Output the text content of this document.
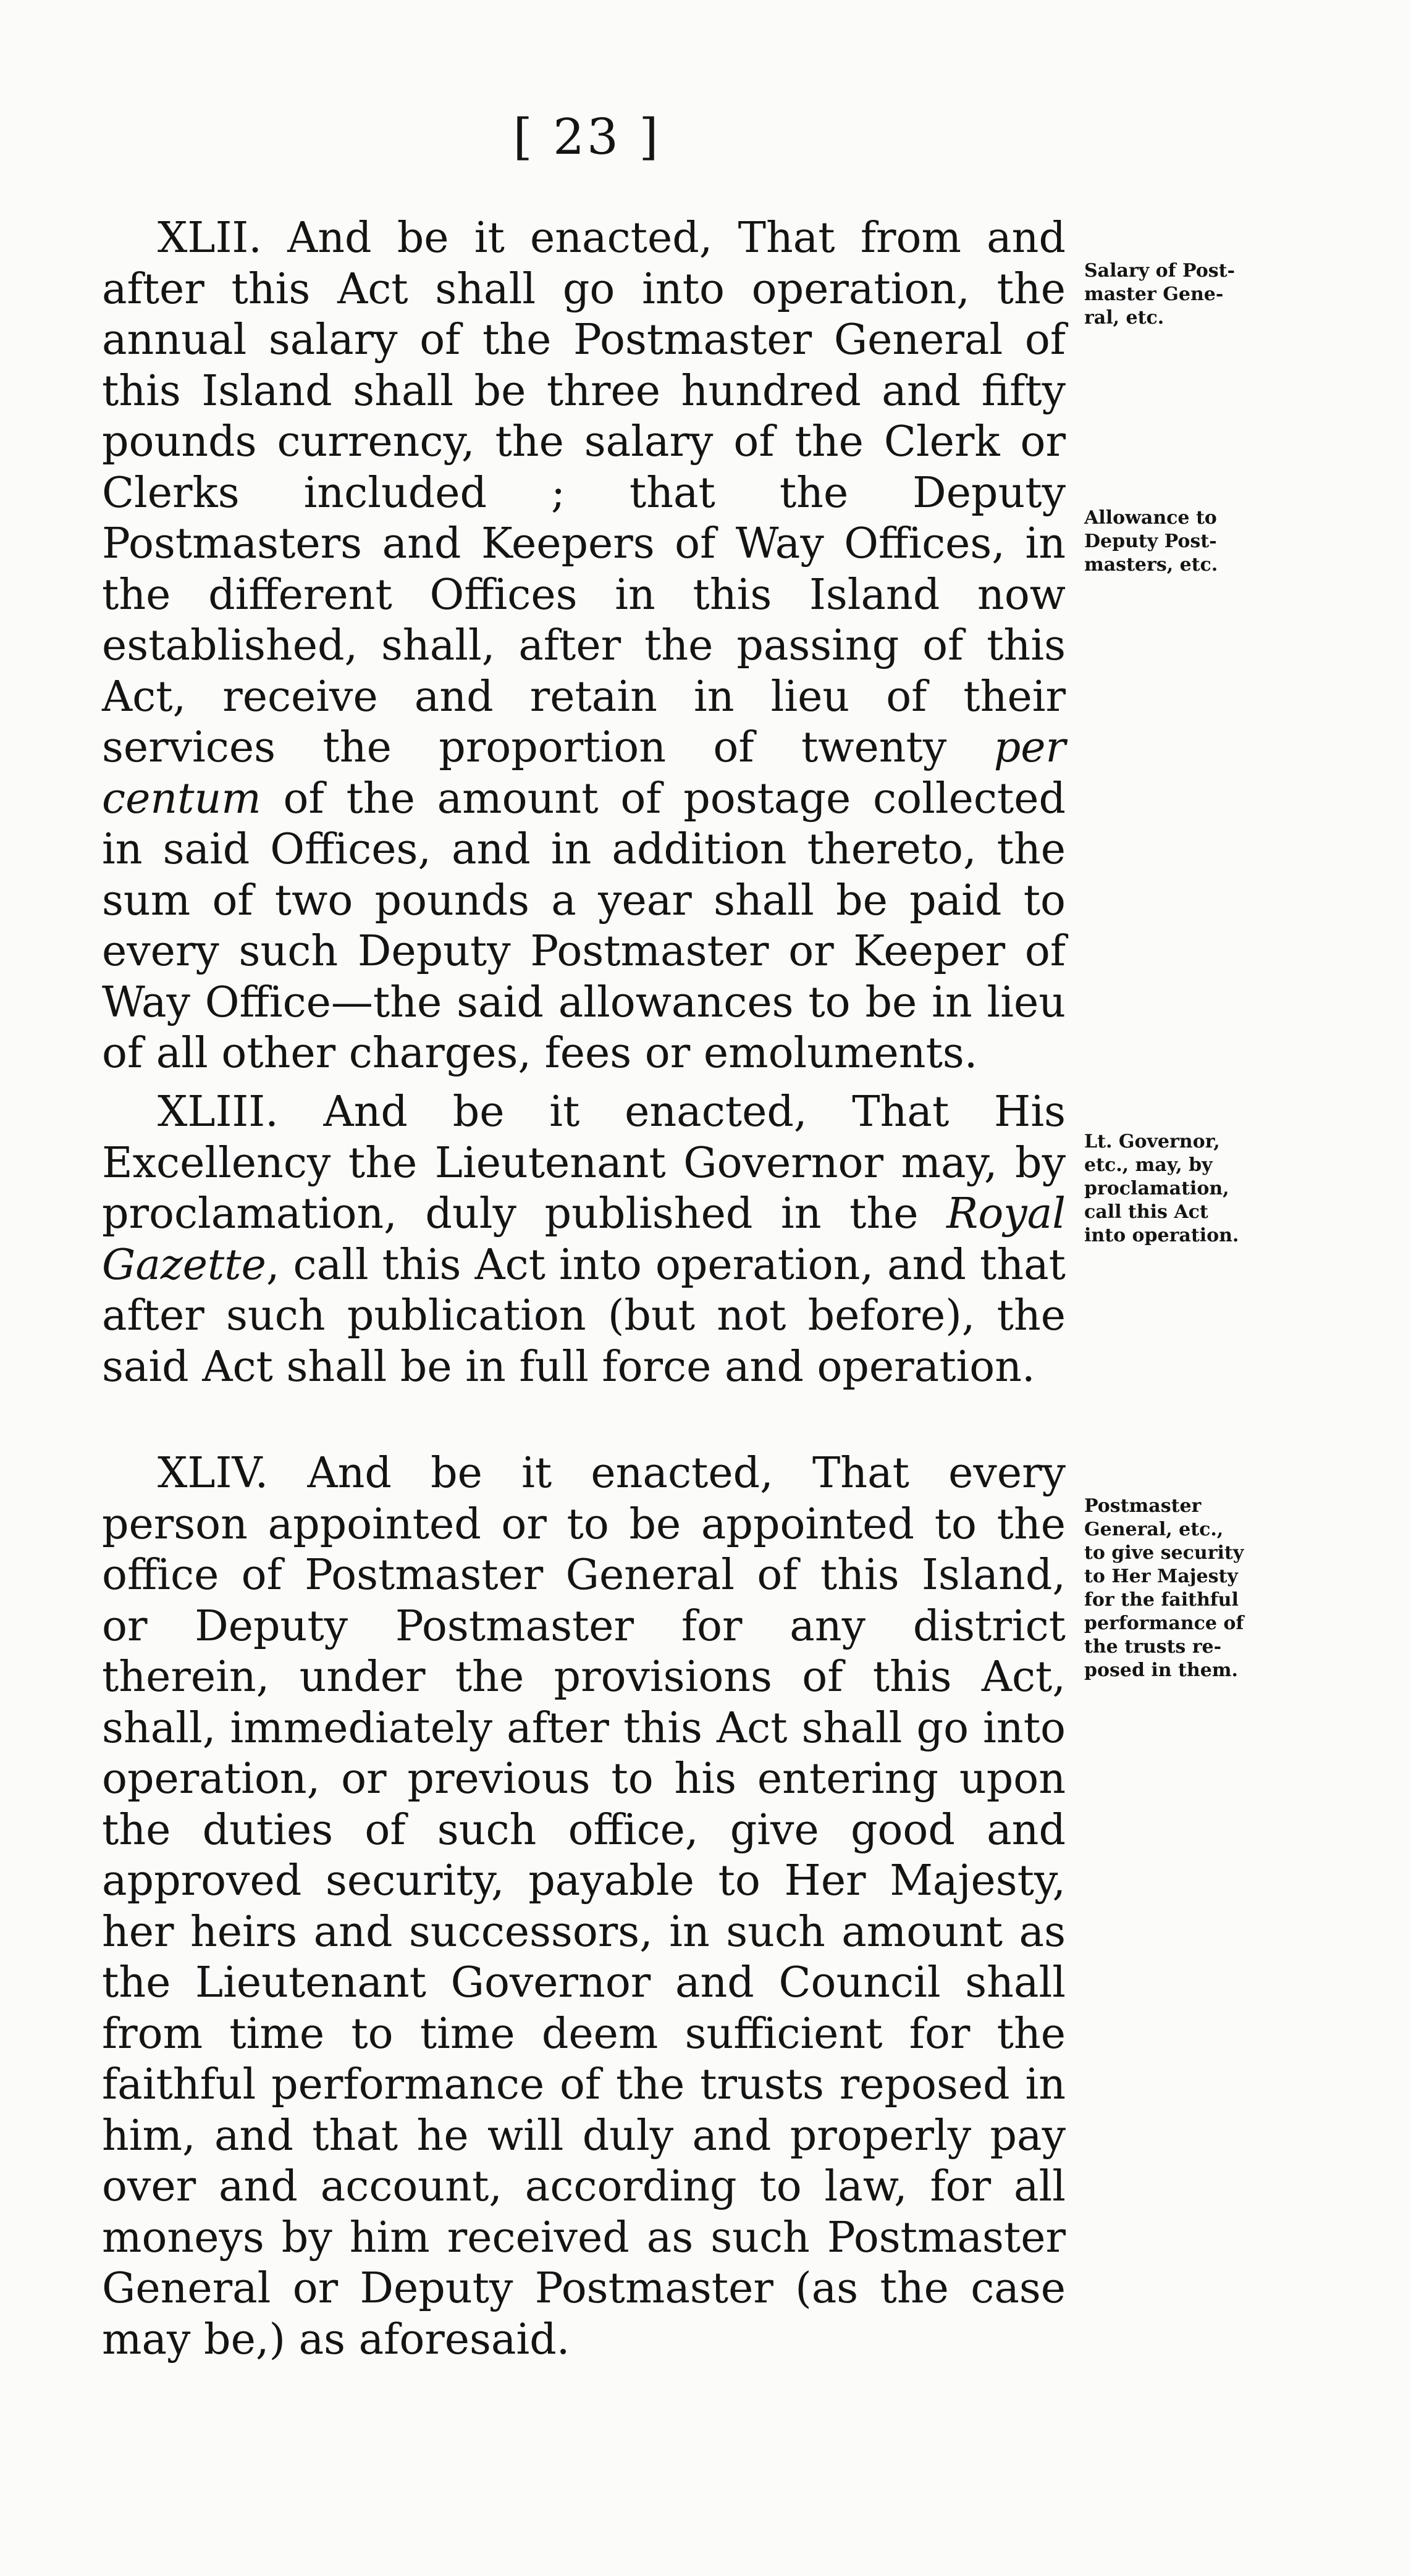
[ 23 ]

XLII. And be it enacted, That from and after this Act shall go into operation, the annual salary of the Postmaster General of this Island shall be three hundred and fifty pounds currency, the salary of the Clerk or Clerks included ; that the Deputy Postmasters and Keepers of Way Offices, in the different Offices in this Island now established, shall, after the passing of this Act, receive and retain in lieu of their services the proportion of twenty per centum of the amount of postage collected in said Offices, and in addition thereto, the sum of two pounds a year shall be paid to every such Deputy Postmaster or Keeper of Way Office—the said allowances to be in lieu of all other charges, fees or emoluments.

Salary of Post-
master Gene-
ral, etc.
Allowance to
Deputy Post-
masters, etc.

XLIII. And be it enacted, That His Excellency the Lieutenant Governor may, by proclamation, duly published in the Royal Gazette, call this Act into operation, and that after such publication (but not before), the said Act shall be in full force and operation.

Lt. Governor,
etc., may, by
proclamation,
call this Act
into operation.

XLIV. And be it enacted, That every person appointed or to be appointed to the office of Postmaster General of this Island, or Deputy Postmaster for any district therein, under the provisions of this Act, shall, immediately after this Act shall go into operation, or previous to his entering upon the duties of such office, give good and approved security, payable to Her Majesty, her heirs and successors, in such amount as the Lieutenant Governor and Council shall from time to time deem sufficient for the faithful performance of the trusts reposed in him, and that he will duly and properly pay over and account, according to law, for all moneys by him received as such Postmaster General or Deputy Postmaster (as the case may be,) as aforesaid.

Postmaster
General, etc.,
to give security
to Her Majesty
for the faithful
performance of
the trusts re-
posed in them.
